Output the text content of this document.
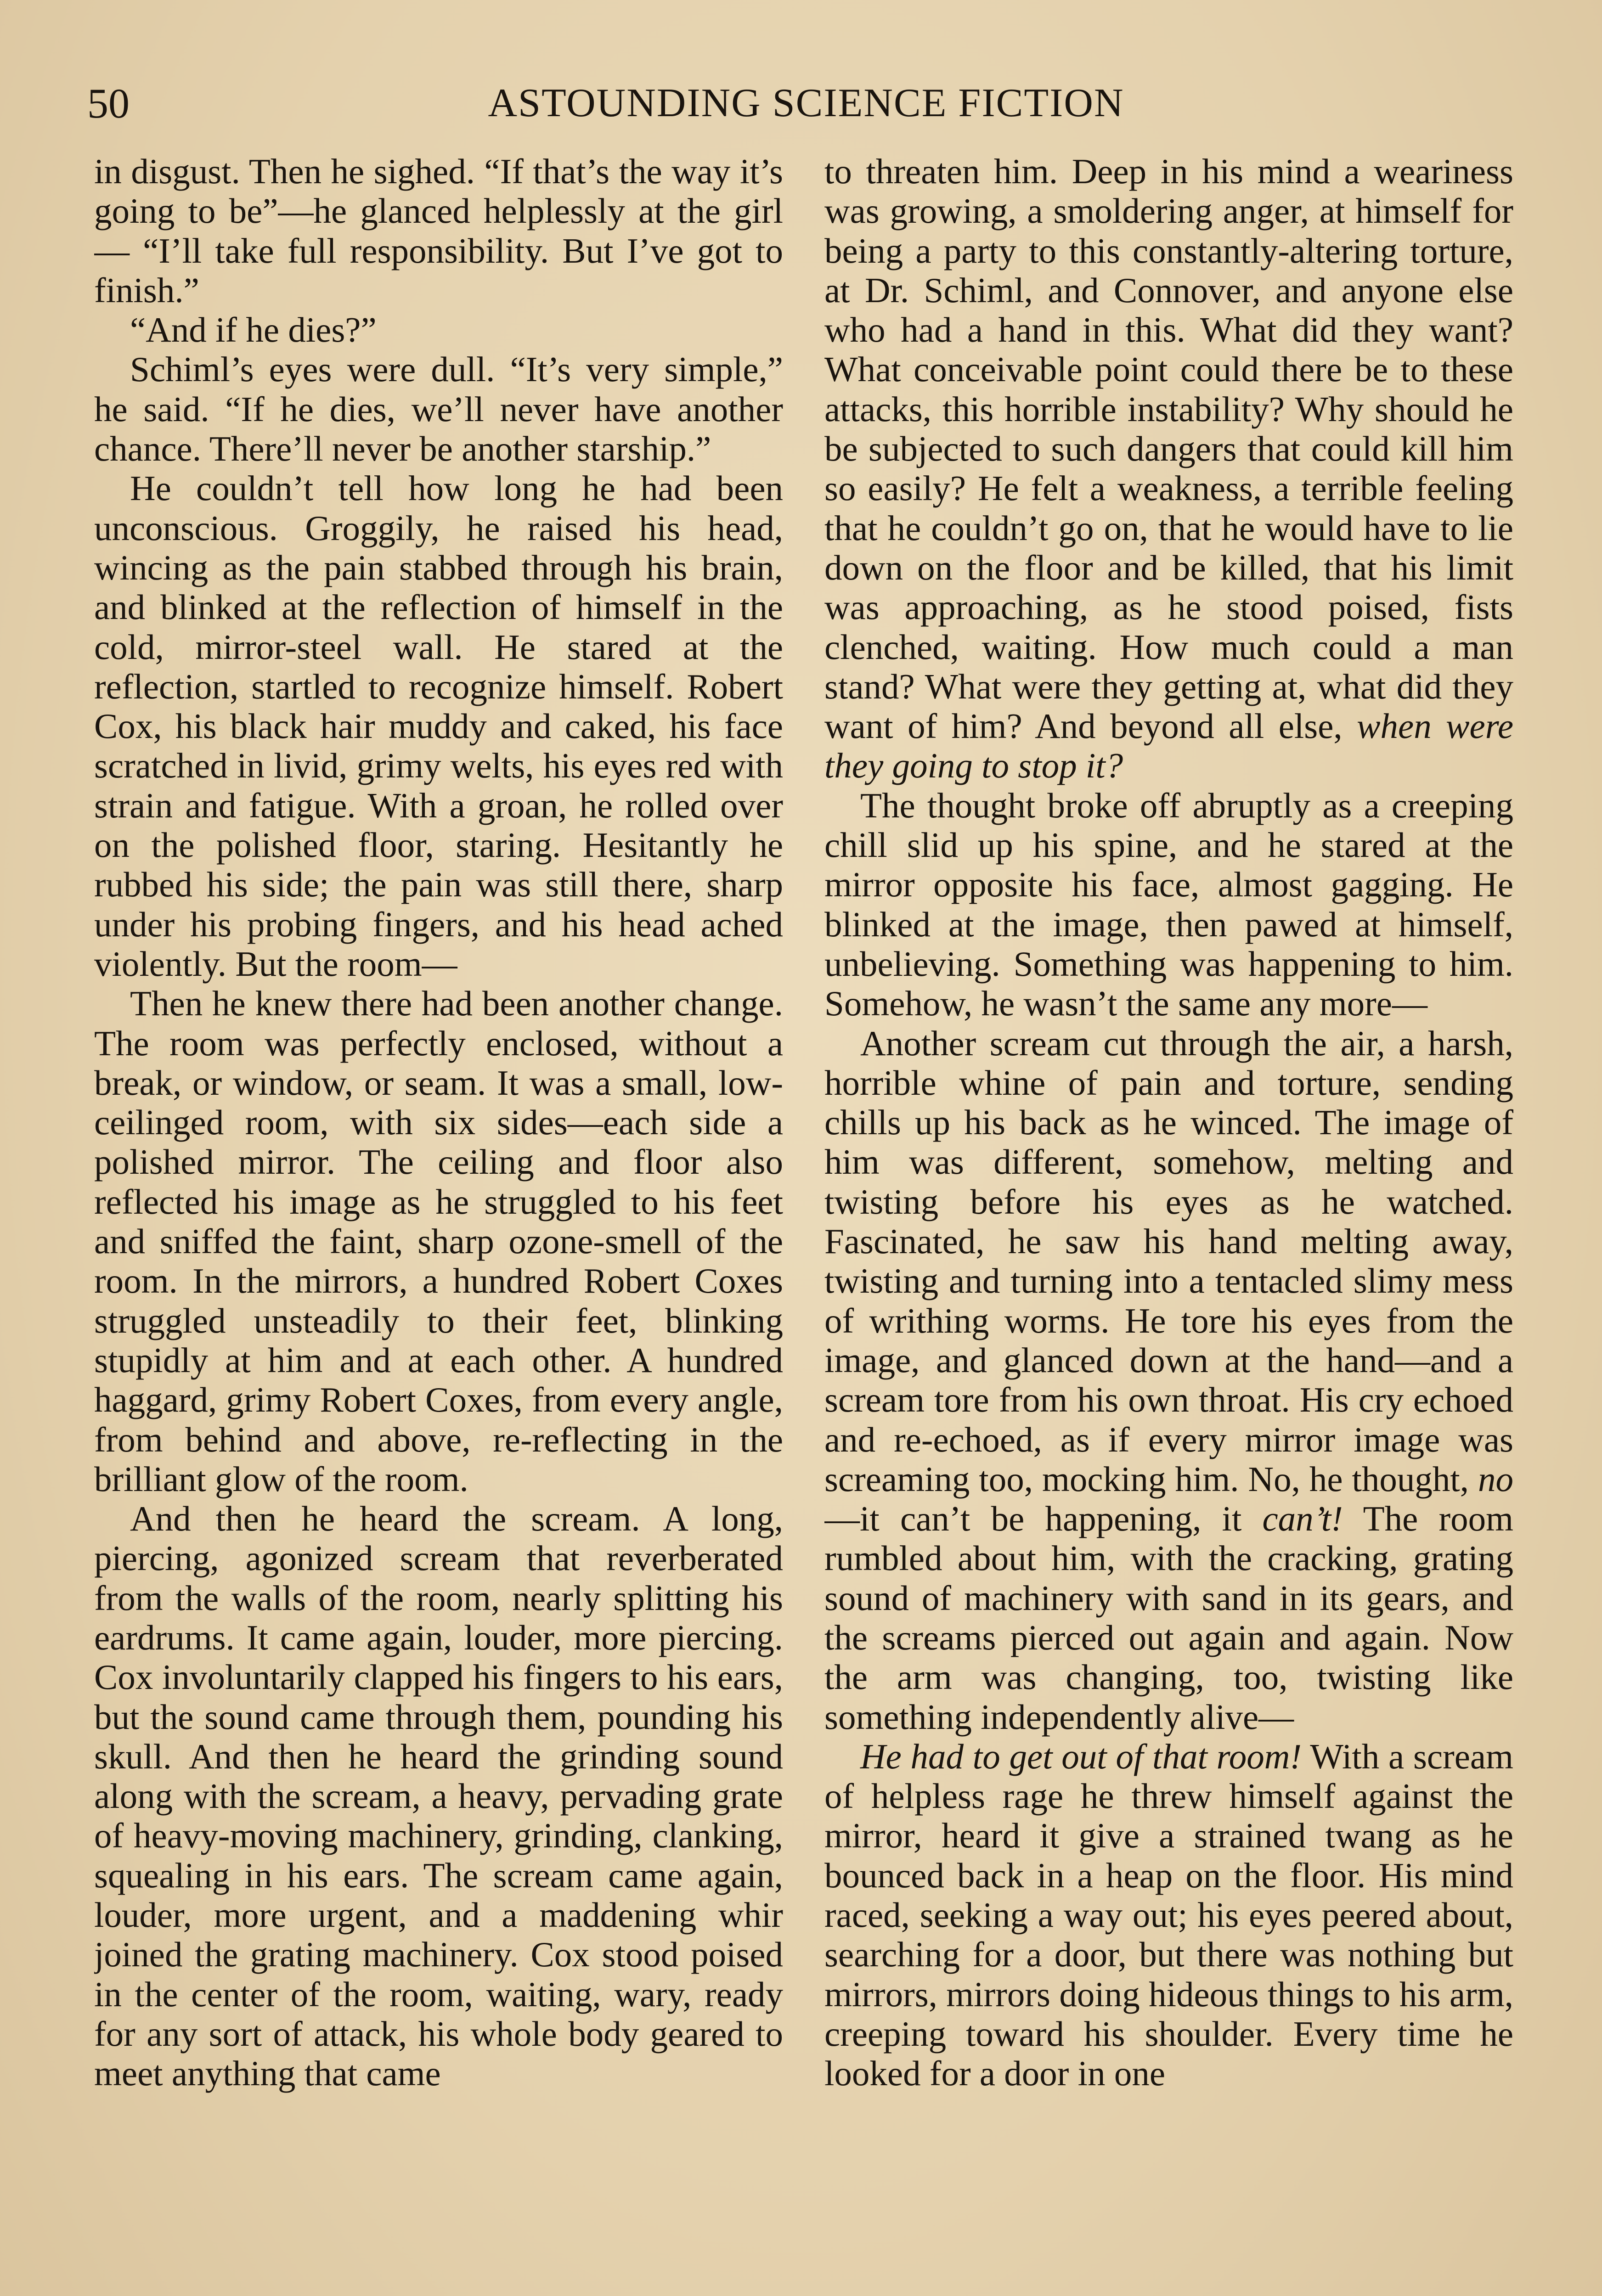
50	ASTOUNDING SCIENCE FICTION

in disgust. Then he sighed. “If that’s the way it’s going to be”—he glanced helplessly at the girl— “I’ll take full responsibility. But I’ve got to finish.”

“And if he dies?”

Schiml’s eyes were dull. “It’s very simple,” he said. “If he dies, we’ll never have another chance. There’ll never be another starship.”

He couldn’t tell how long he had been unconscious. Groggily, he raised his head, wincing as the pain stabbed through his brain, and blinked at the reflection of himself in the cold, mirror-steel wall. He stared at the reflection, startled to recognize himself. Robert Cox, his black hair muddy and caked, his face scratched in livid, grimy welts, his eyes red with strain and fatigue. With a groan, he rolled over on the polished floor, staring. Hesitantly he rubbed his side; the pain was still there, sharp under his probing fingers, and his head ached violently. But the room—

Then he knew there had been another change. The room was perfectly enclosed, without a break, or window, or seam. It was a small, low-ceilinged room, with six sides—each side a polished mirror. The ceiling and floor also reflected his image as he struggled to his feet and sniffed the faint, sharp ozone-smell of the room. In the mirrors, a hundred Robert Coxes struggled unsteadily to their feet, blinking stupidly at him and at each other. A hundred haggard, grimy Robert Coxes, from every angle, from behind and above, re-reflecting in the brilliant glow of the room.

And then he heard the scream. A long, piercing, agonized scream that reverberated from the walls of the room, nearly splitting his eardrums. It came again, louder, more piercing. Cox involuntarily clapped his fingers to his ears, but the sound came through them, pounding his skull. And then he heard the grinding sound along with the scream, a heavy, pervading grate of heavy-moving machinery, grinding, clanking, squealing in his ears. The scream came again, louder, more urgent, and a maddening whir joined the grating machinery. Cox stood poised in the center of the room, waiting, wary, ready for any sort of attack, his whole body geared to meet anything that came

to threaten him. Deep in his mind a weariness was growing, a smoldering anger, at himself for being a party to this constantly-altering torture, at Dr. Schiml, and Connover, and anyone else who had a hand in this. What did they want? What conceivable point could there be to these attacks, this horrible instability? Why should he be subjected to such dangers that could kill him so easily? He felt a weakness, a terrible feeling that he couldn’t go on, that he would have to lie down on the floor and be killed, that his limit was approaching, as he stood poised, fists clenched, waiting. How much could a man stand? What were they getting at, what did they want of him? And beyond all else, when were they going to stop it?

The thought broke off abruptly as a creeping chill slid up his spine, and he stared at the mirror opposite his face, almost gagging. He blinked at the image, then pawed at himself, unbelieving. Something was happening to him. Somehow, he wasn’t the same any more—

Another scream cut through the air, a harsh, horrible whine of pain and torture, sending chills up his back as he winced. The image of him was different, somehow, melting and twisting before his eyes as he watched. Fascinated, he saw his hand melting away, twisting and turning into a tentacled slimy mess of writhing worms. He tore his eyes from the image, and glanced down at the hand—and a scream tore from his own throat. His cry echoed and re-echoed, as if every mirror image was screaming too, mocking him. No, he thought, no—it can’t be happening, it can’t! The room rumbled about him, with the cracking, grating sound of machinery with sand in its gears, and the screams pierced out again and again. Now the arm was changing, too, twisting like something independently alive—

He had to get out of that room! With a scream of helpless rage he threw himself against the mirror, heard it give a strained twang as he bounced back in a heap on the floor. His mind raced, seeking a way out; his eyes peered about, searching for a door, but there was nothing but mirrors, mirrors doing hideous things to his arm, creeping toward his shoulder. Every time he looked for a door in one
